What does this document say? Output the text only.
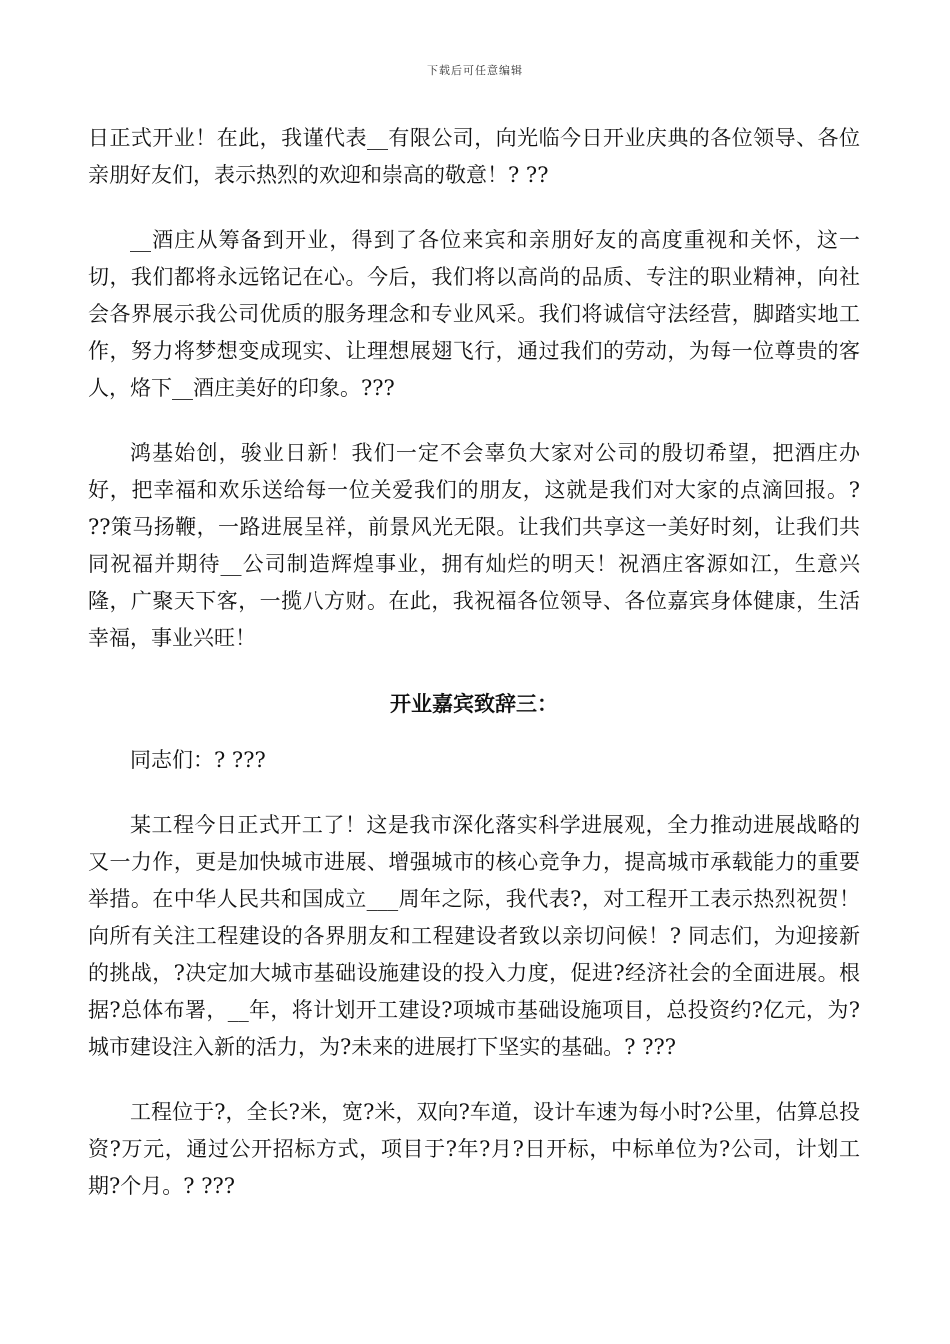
下载后可任意编辑

日正式开业！在此，我谨代表__有限公司，向光临今日开业庆典的各位领导、各位亲朋好友们，表示热烈的欢迎和崇高的敬意！? ??

__酒庄从筹备到开业，得到了各位来宾和亲朋好友的高度重视和关怀，这一切，我们都将永远铭记在心。今后，我们将以高尚的品质、专注的职业精神，向社会各界展示我公司优质的服务理念和专业风采。我们将诚信守法经营，脚踏实地工作，努力将梦想变成现实、让理想展翅飞行，通过我们的劳动，为每一位尊贵的客人，烙下__酒庄美好的印象。???

鸿基始创，骏业日新！我们一定不会辜负大家对公司的殷切希望，把酒庄办好，把幸福和欢乐送给每一位关爱我们的朋友，这就是我们对大家的点滴回报。? ??策马扬鞭，一路进展呈祥，前景风光无限。让我们共享这一美好时刻，让我们共同祝福并期待__公司制造辉煌事业，拥有灿烂的明天！祝酒庄客源如江，生意兴隆，广聚天下客，一揽八方财。在此，我祝福各位领导、各位嘉宾身体健康，生活幸福，事业兴旺！

开业嘉宾致辞三：

同志们：? ???

某工程今日正式开工了！这是我市深化落实科学进展观，全力推动进展战略的又一力作，更是加快城市进展、增强城市的核心竞争力，提高城市承载能力的重要举措。在中华人民共和国成立___周年之际，我代表?，对工程开工表示热烈祝贺！向所有关注工程建设的各界朋友和工程建设者致以亲切问候！? 同志们，为迎接新的挑战，?决定加大城市基础设施建设的投入力度，促进?经济社会的全面进展。根据?总体布署，__年，将计划开工建设?项城市基础设施项目，总投资约?亿元，为?城市建设注入新的活力，为?未来的进展打下坚实的基础。? ???

工程位于?，全长?米，宽?米，双向?车道，设计车速为每小时?公里，估算总投资?万元，通过公开招标方式，项目于?年?月?日开标，中标单位为?公司，计划工期?个月。? ???
